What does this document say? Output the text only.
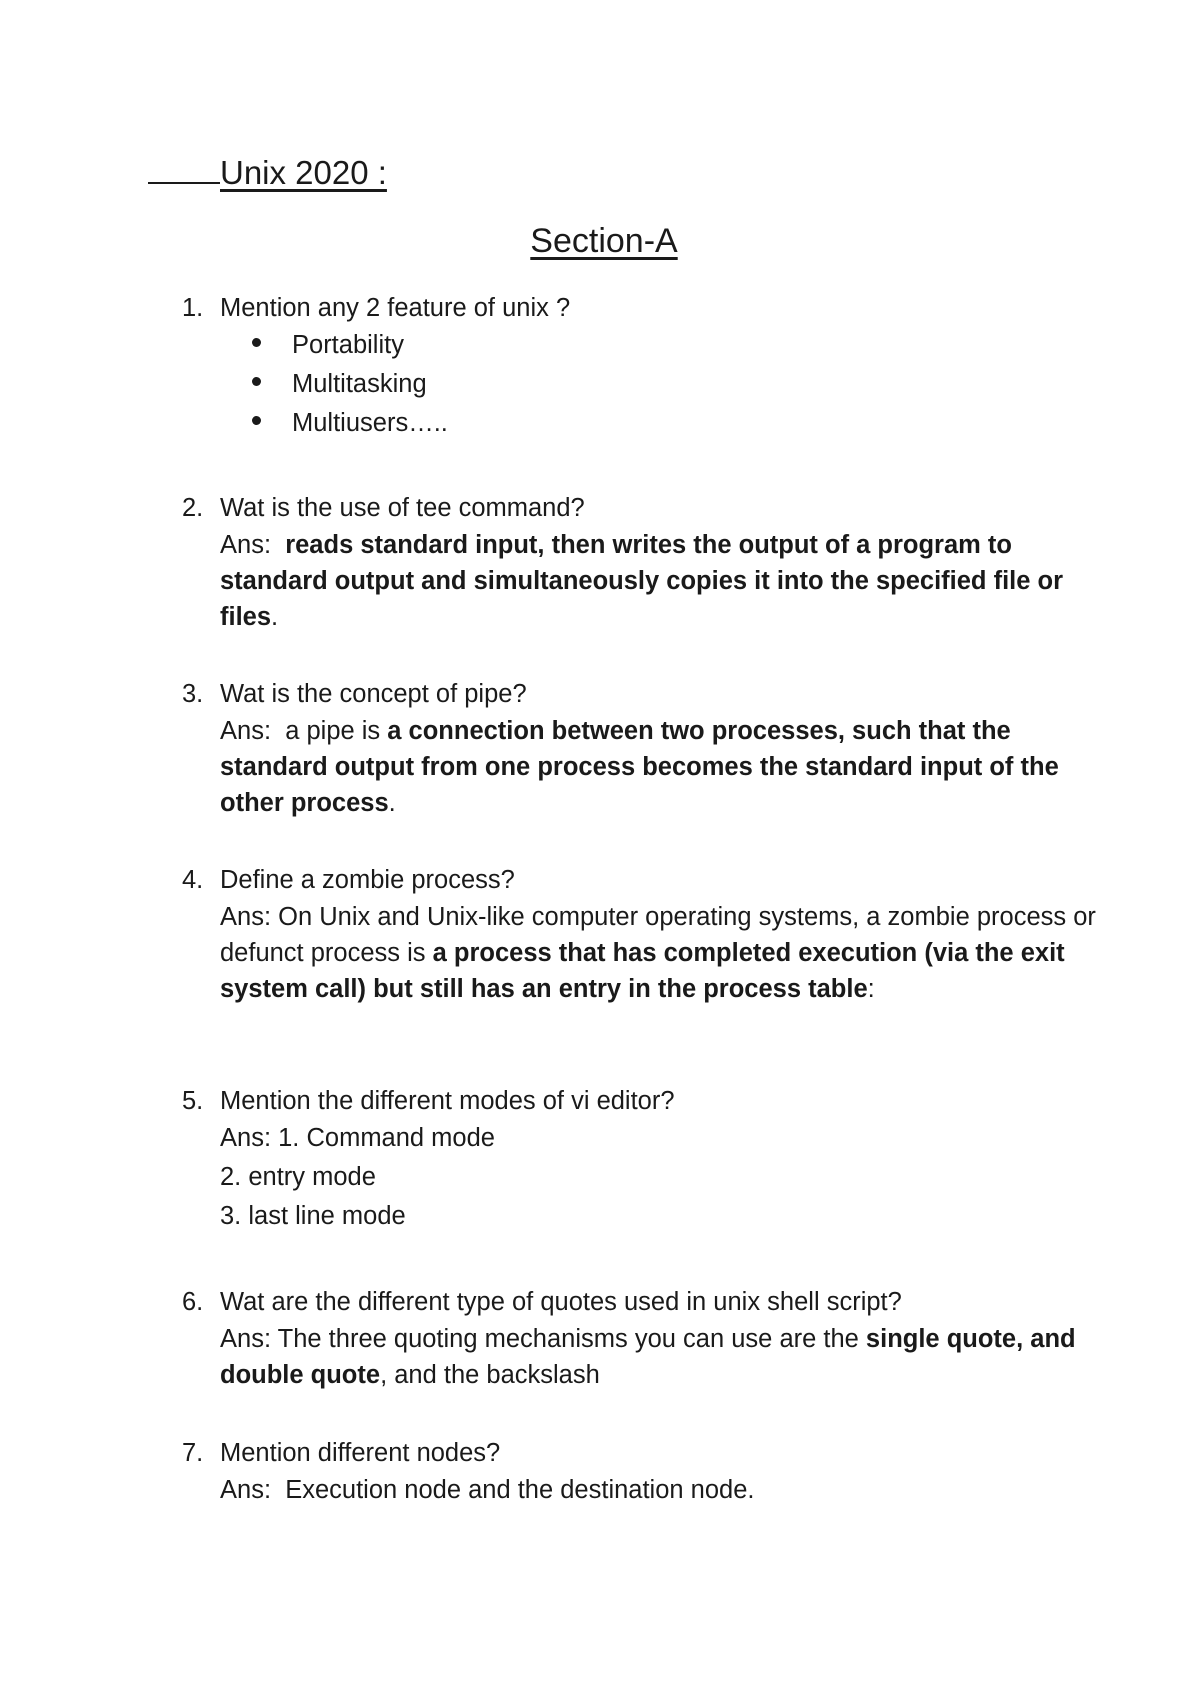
Unix 2020 :
Section-A
1. Mention any 2 feature of unix ?
Portability
Multitasking
Multiusers…..
2. Wat is the use of tee command?
Ans: reads standard input, then writes the output of a program to standard output and simultaneously copies it into the specified file or files.
3. Wat is the concept of pipe?
Ans: a pipe is a connection between two processes, such that the standard output from one process becomes the standard input of the other process.
4. Define a zombie process?
Ans: On Unix and Unix-like computer operating systems, a zombie process or defunct process is a process that has completed execution (via the exit system call) but still has an entry in the process table:
5. Mention the different modes of vi editor?
Ans: 1. Command mode
2. entry mode
3. last line mode
6. Wat are the different type of quotes used in unix shell script?
Ans: The three quoting mechanisms you can use are the single quote, and double quote, and the backslash
7. Mention different nodes?
Ans: Execution node and the destination node.
